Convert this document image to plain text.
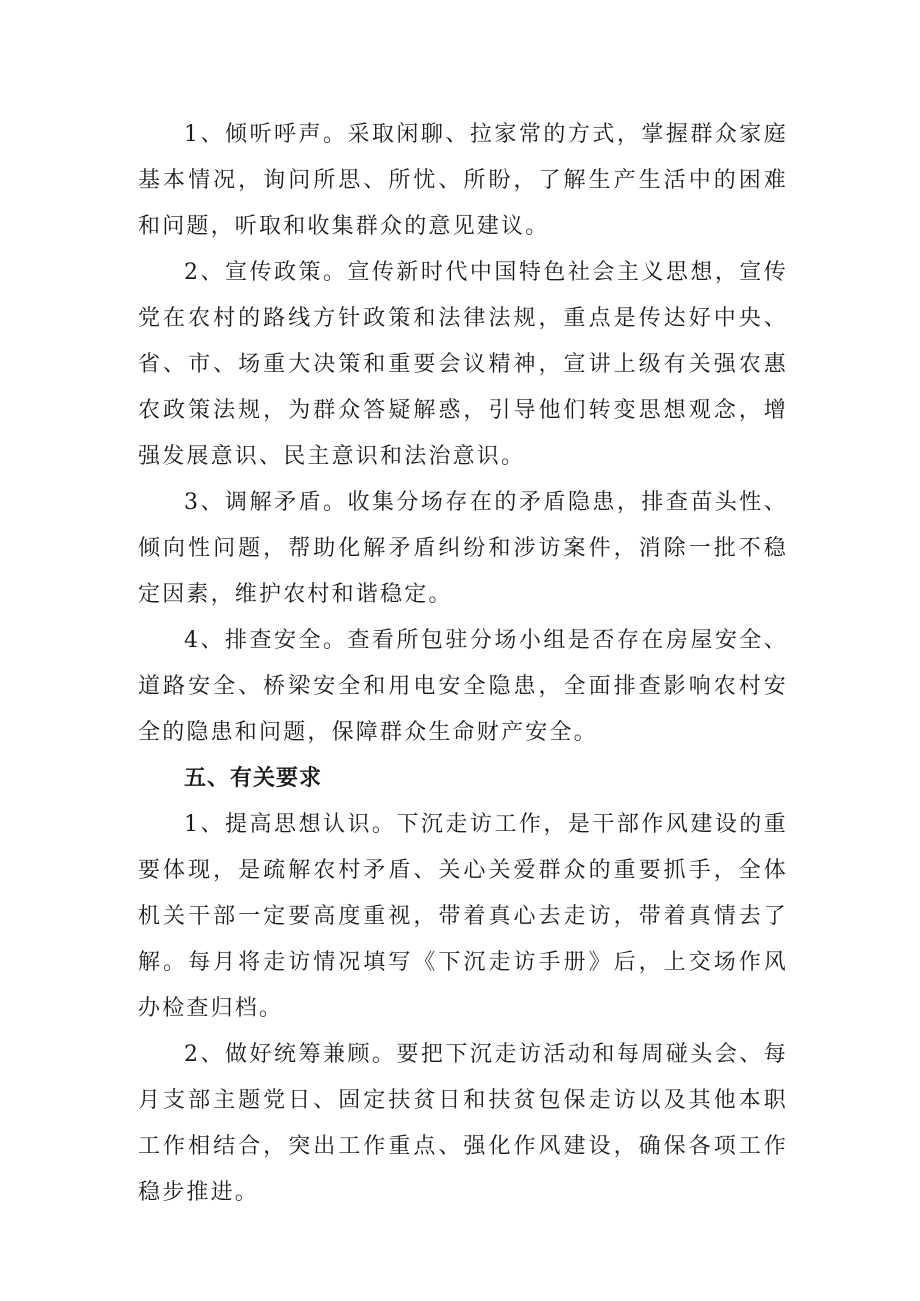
1、倾听呼声。采取闲聊、拉家常的方式，掌握群众家庭基本情况，询问所思、所忧、所盼，了解生产生活中的困难和问题，听取和收集群众的意见建议。

2、宣传政策。宣传新时代中国特色社会主义思想，宣传党在农村的路线方针政策和法律法规，重点是传达好中央、省、市、场重大决策和重要会议精神，宣讲上级有关强农惠农政策法规，为群众答疑解惑，引导他们转变思想观念，增强发展意识、民主意识和法治意识。

3、调解矛盾。收集分场存在的矛盾隐患，排查苗头性、倾向性问题，帮助化解矛盾纠纷和涉访案件，消除一批不稳定因素，维护农村和谐稳定。

4、排查安全。查看所包驻分场小组是否存在房屋安全、道路安全、桥梁安全和用电安全隐患，全面排查影响农村安全的隐患和问题，保障群众生命财产安全。

五、有关要求

1、提高思想认识。下沉走访工作，是干部作风建设的重要体现，是疏解农村矛盾、关心关爱群众的重要抓手，全体机关干部一定要高度重视，带着真心去走访，带着真情去了解。每月将走访情况填写《下沉走访手册》后，上交场作风办检查归档。

2、做好统筹兼顾。要把下沉走访活动和每周碰头会、每月支部主题党日、固定扶贫日和扶贫包保走访以及其他本职工作相结合，突出工作重点、强化作风建设，确保各项工作稳步推进。
